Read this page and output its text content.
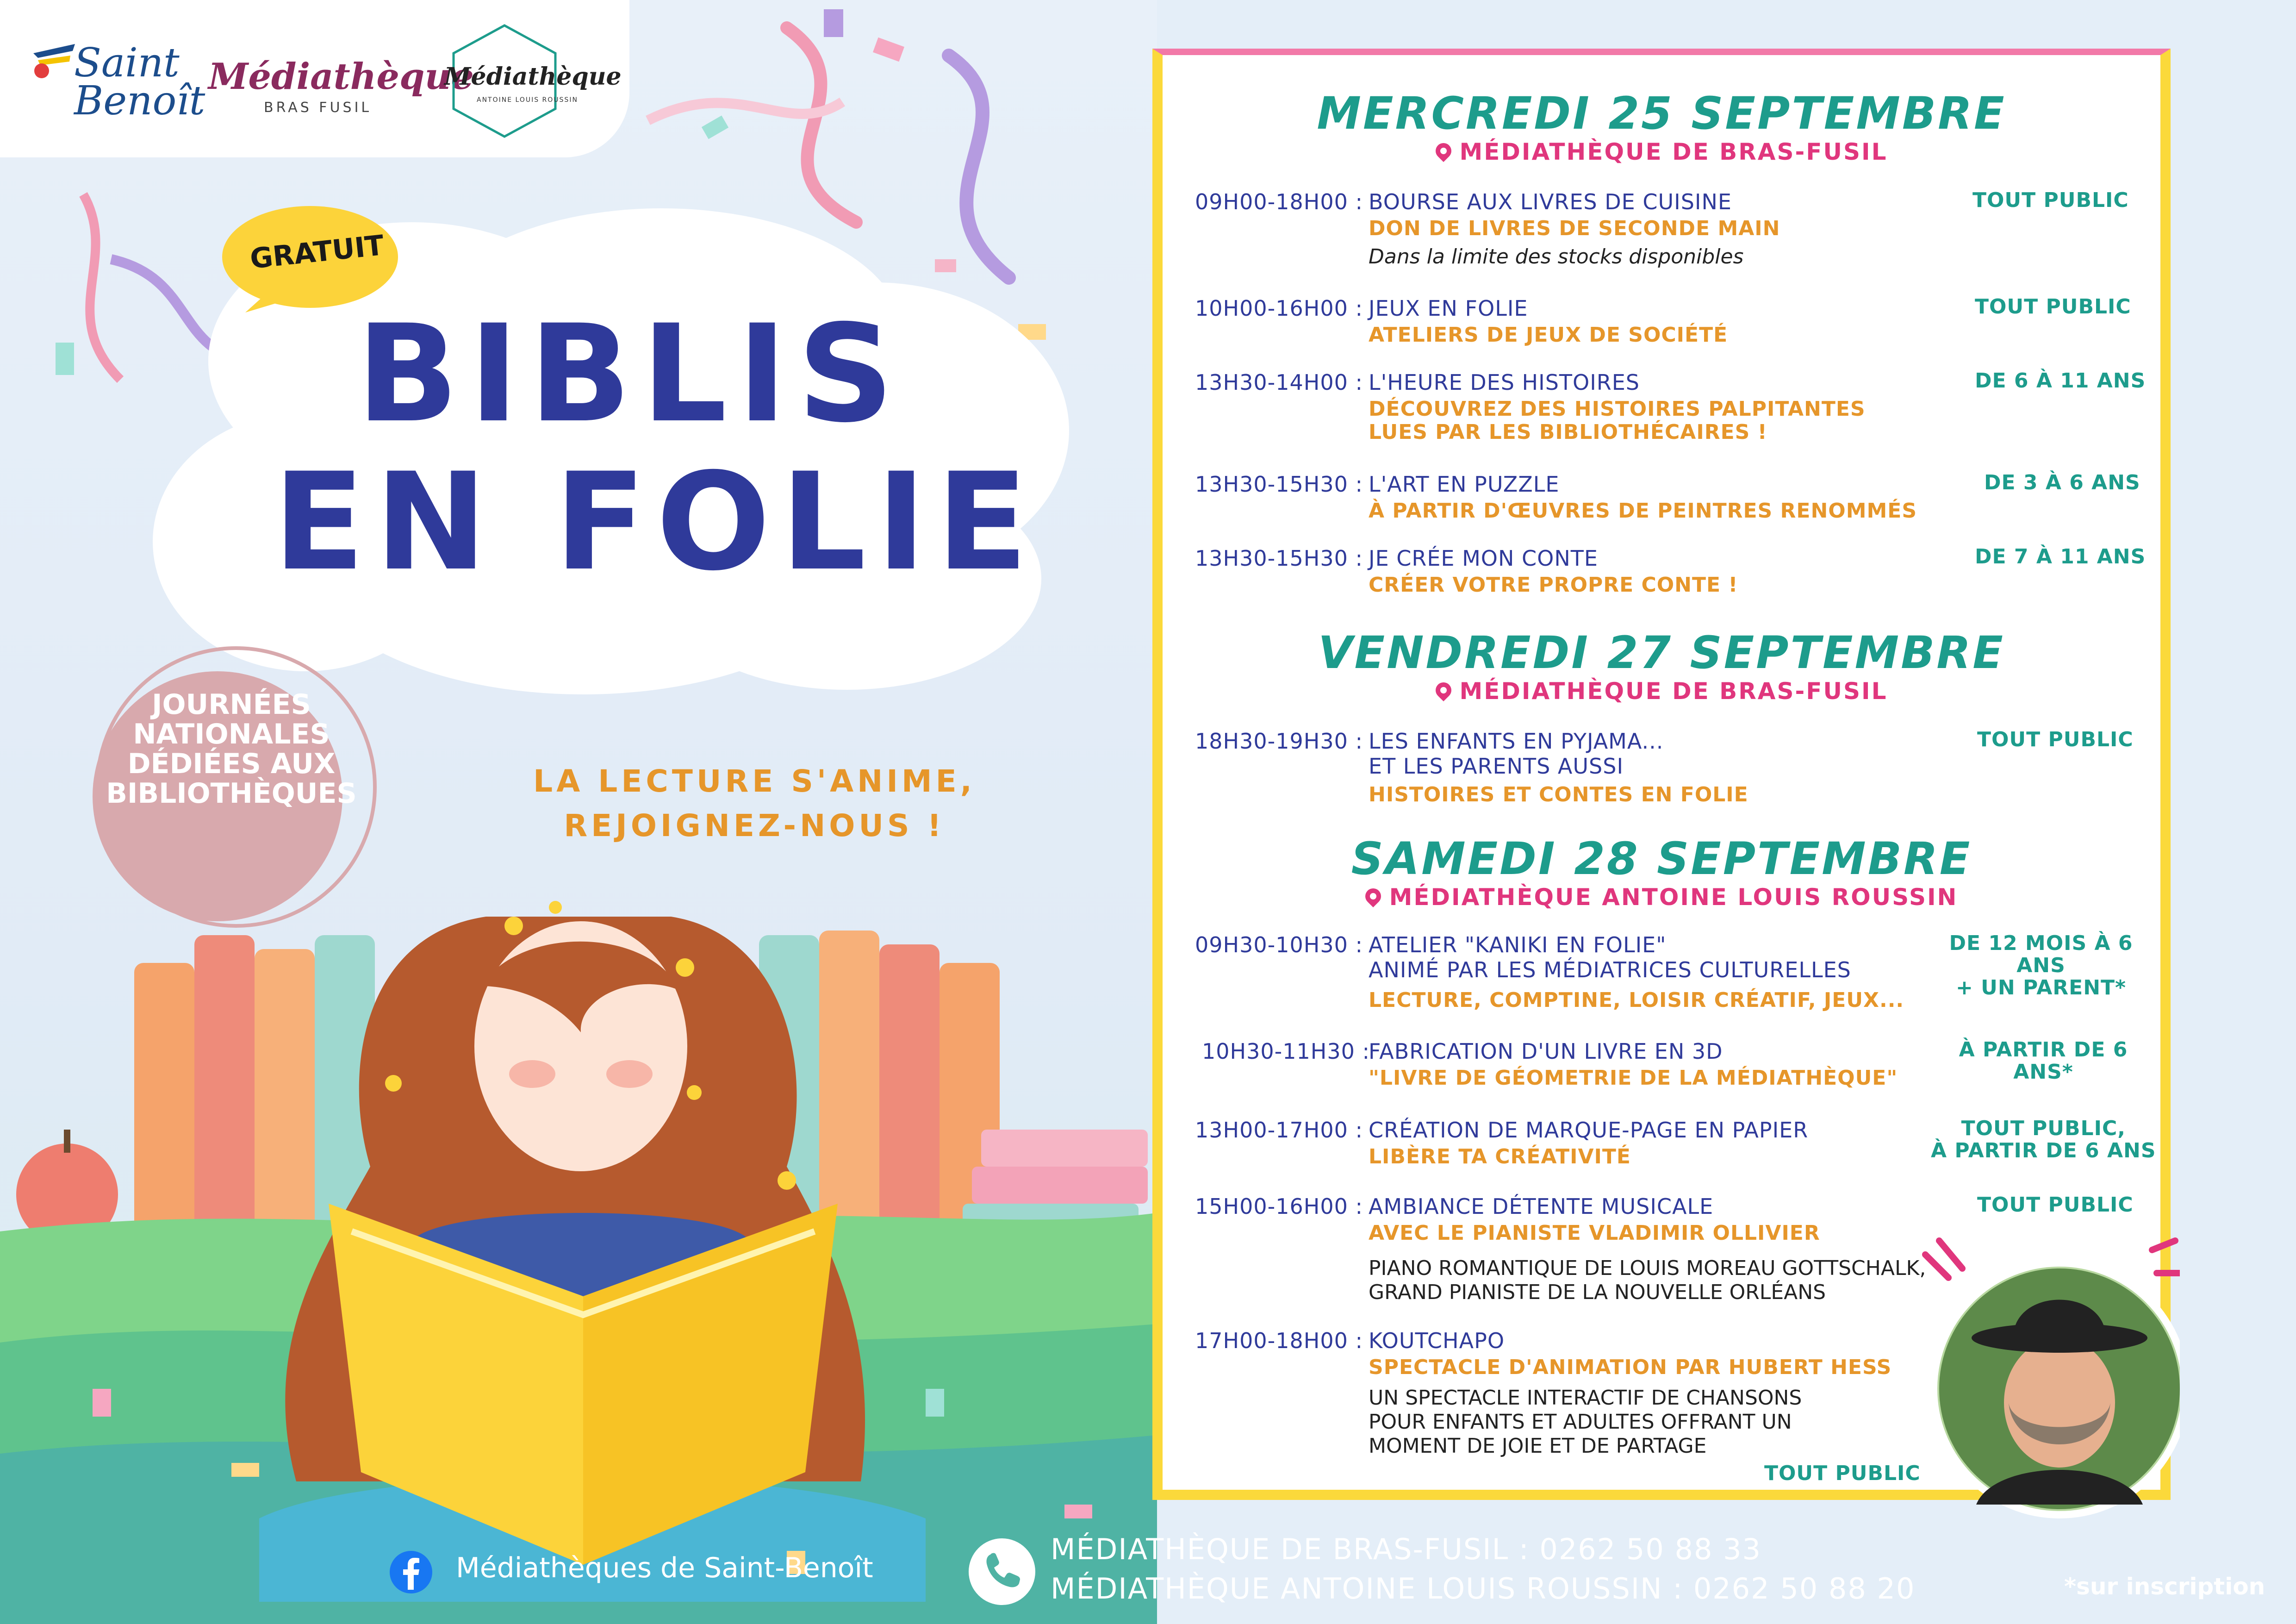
Saint
Benoît
Médiathèque
BRAS FUSIL
Médiathèque
ANTOINE LOUIS ROUSSIN
GRATUIT
BIBLIS
EN FOLIE
JOURNÉES
NATIONALES
DÉDIÉES AUX
BIBLIOTHÈQUES	LA LECTURE S'ANIME,
REJOIGNEZ-NOUS !
MERCREDI 25 SEPTEMBRE
MÉDIATHÈQUE DE BRAS-FUSIL
09H00-18H00 : BOURSE AUX LIVRES DE CUISINE
DON DE LIVRES DE SECONDE MAIN
Dans la limite des stocks disponibles
TOUT PUBLIC
10H00-16H00 : JEUX EN FOLIE
ATELIERS DE JEUX DE SOCIÉTÉ
TOUT PUBLIC
13H30-14H00 : L'HEURE DES HISTOIRES
DÉCOUVREZ DES HISTOIRES PALPITANTES
LUES PAR LES BIBLIOTHÉCAIRES !
DE 6 À 11 ANS
13H30-15H30 : L'ART EN PUZZLE
À PARTIR D'ŒUVRES DE PEINTRES RENOMMÉS
DE 3 À 6 ANS
13H30-15H30 : JE CRÉE MON CONTE
CRÉER VOTRE PROPRE CONTE !
DE 7 À 11 ANS
VENDREDI 27 SEPTEMBRE
MÉDIATHÈQUE DE BRAS-FUSIL
18H30-19H30 : LES ENFANTS EN PYJAMA...
ET LES PARENTS AUSSI
HISTOIRES ET CONTES EN FOLIE
TOUT PUBLIC
SAMEDI 28 SEPTEMBRE
MÉDIATHÈQUE ANTOINE LOUIS ROUSSIN
09H30-10H30 : ATELIER "KANIKI EN FOLIE"
ANIMÉ PAR LES MÉDIATRICES CULTURELLES
LECTURE, COMPTINE, LOISIR CRÉATIF, JEUX...
DE 12 MOIS À 6 ANS
+ UN PARENT*
10H30-11H30 :
FABRICATION D'UN LIVRE EN 3D
"LIVRE DE GÉOMETRIE DE LA MÉDIATHÈQUE"
À PARTIR DE 6 ANS*
13H00-17H00 : CRÉATION DE MARQUE-PAGE EN PAPIER
LIBÈRE TA CRÉATIVITÉ
TOUT PUBLIC,
À PARTIR DE 6 ANS
15H00-16H00 : AMBIANCE DÉTENTE MUSICALE
AVEC LE PIANISTE VLADIMIR OLLIVIER
PIANO ROMANTIQUE DE LOUIS MOREAU GOTTSCHALK,
GRAND PIANISTE DE LA NOUVELLE ORLÉANS
TOUT PUBLIC
17H00-18H00 : KOUTCHAPO
SPECTACLE D'ANIMATION PAR HUBERT HESS
UN SPECTACLE INTERACTIF DE CHANSONS
POUR ENFANTS ET ADULTES OFFRANT UN
MOMENT DE JOIE ET DE PARTAGE
TOUT PUBLIC
Médiathèques de Saint-Benoît
MÉDIATHÈQUE DE BRAS-FUSIL : 0262 50 88 33
MÉDIATHÈQUE ANTOINE LOUIS ROUSSIN : 0262 50 88 20	*sur inscription
